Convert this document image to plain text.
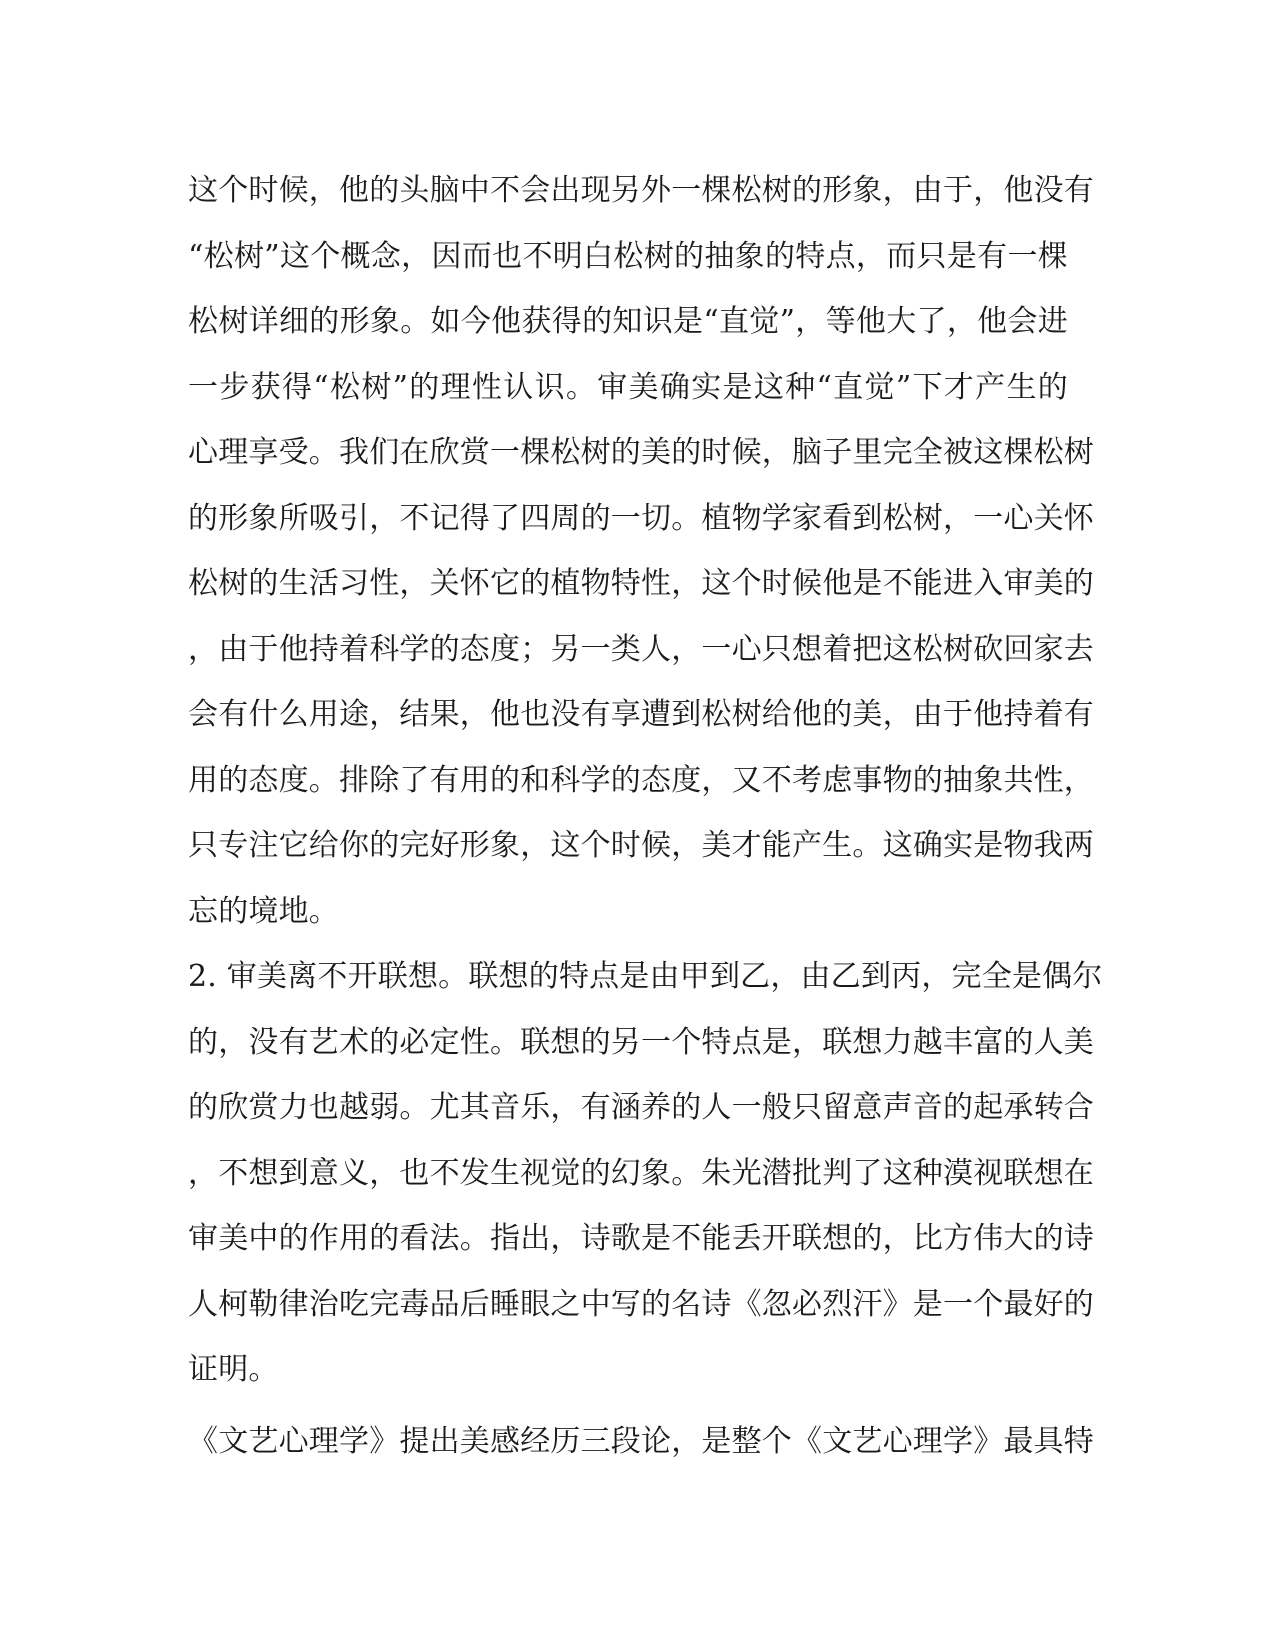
这个时候，他的头脑中不会出现另外一棵松树的形象，由于，他没有
“松树”这个概念，因而也不明白松树的抽象的特点，而只是有一棵
松树详细的形象。如今他获得的知识是“直觉”，等他大了，他会进
一步获得“松树”的理性认识。审美确实是这种“直觉”下才产生的
心理享受。我们在欣赏一棵松树的美的时候，脑子里完全被这棵松树
的形象所吸引，不记得了四周的一切。植物学家看到松树，一心关怀
松树的生活习性，关怀它的植物特性，这个时候他是不能进入审美的
，由于他持着科学的态度；另一类人，一心只想着把这松树砍回家去
会有什么用途，结果，他也没有享遭到松树给他的美，由于他持着有
用的态度。排除了有用的和科学的态度，又不考虑事物的抽象共性，
只专注它给你的完好形象，这个时候，美才能产生。这确实是物我两
忘的境地。
2. 审美离不开联想。联想的特点是由甲到乙，由乙到丙，完全是偶尔
的，没有艺术的必定性。联想的另一个特点是，联想力越丰富的人美
的欣赏力也越弱。尤其音乐，有涵养的人一般只留意声音的起承转合
，不想到意义，也不发生视觉的幻象。朱光潜批判了这种漠视联想在
审美中的作用的看法。指出，诗歌是不能丢开联想的，比方伟大的诗
人柯勒律治吃完毒品后睡眼之中写的名诗《忽必烈汗》是一个最好的
证明。
《文艺心理学》提出美感经历三段论，是整个《文艺心理学》最具特
